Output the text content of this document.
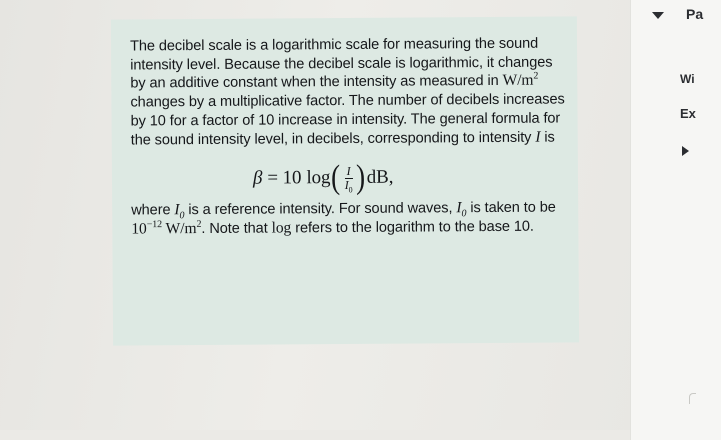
The decibel scale is a logarithmic scale for measuring the sound intensity level. Because the decibel scale is logarithmic, it changes by an additive constant when the intensity as measured in $W/m^2$ changes by a multiplicative factor. The number of decibels increases by 10 for a factor of 10 increase in intensity. The general formula for the sound intensity level, in decibels, corresponding to intensity I is

β = 10 log ( $\frac{I}{I_0}$ ) dB,

where $I_0$ is a reference intensity. For sound waves, $I_0$ is taken to be $10^{-12}$ $W/m^2$. Note that log refers to the logarithm to the base 10.

Pa
Wi
Ex
